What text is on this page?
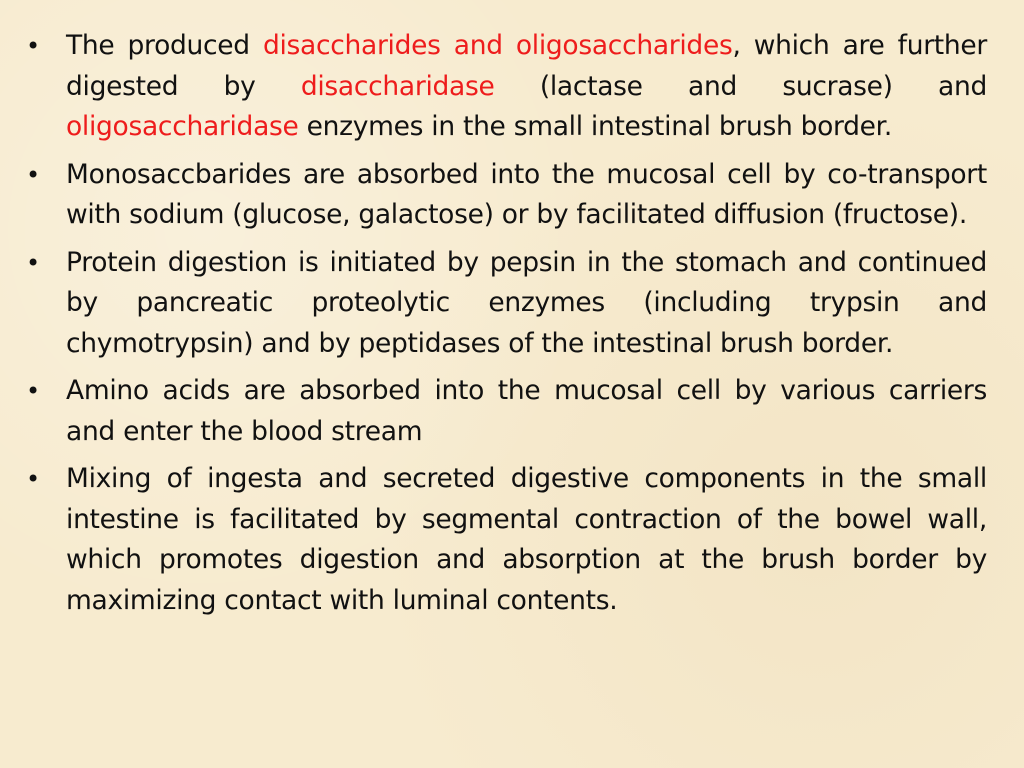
• The produced disaccharides and oligosaccharides, which are further digested by disaccharidase (lactase and sucrase) and oligosaccharidase enzymes in the small intestinal brush border.
• Monosaccbarides are absorbed into the mucosal cell by co-transport with sodium (glucose, galactose) or by facilitated diffusion (fructose).
• Protein digestion is initiated by pepsin in the stomach and continued by pancreatic proteolytic enzymes (including trypsin and chymotrypsin) and by peptidases of the intestinal brush border.
• Amino acids are absorbed into the mucosal cell by various carriers and enter the blood stream
• Mixing of ingesta and secreted digestive components in the small intestine is facilitated by segmental contraction of the bowel wall, which promotes digestion and absorption at the brush border by maximizing contact with luminal contents.
